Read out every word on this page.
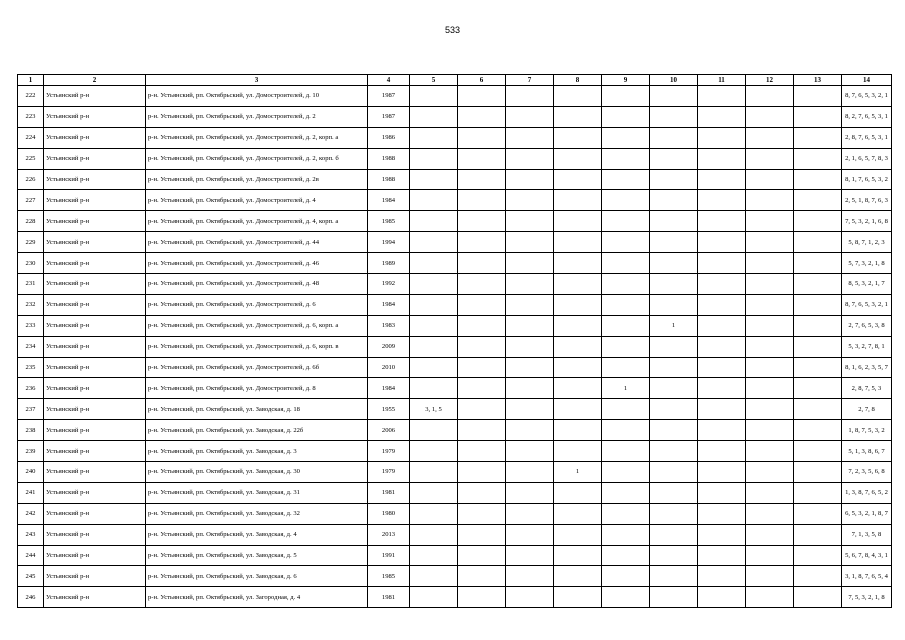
533
1	2	3	4	5	6	7	8	9	10	11	12	13	14
222	Устьянский р-н	р-н. Устьянский, рп. Октябрьский, ул. Домостроителей, д. 10	1987										8, 7, 6, 5, 3, 2, 1
223	Устьянский р-н	р-н. Устьянский, рп. Октябрьский, ул. Домостроителей, д. 2	1987										8, 2, 7, 6, 5, 3, 1
224	Устьянский р-н	р-н. Устьянский, рп. Октябрьский, ул. Домостроителей, д. 2, корп. а	1986										2, 8, 7, 6, 5, 3, 1
225	Устьянский р-н	р-н. Устьянский, рп. Октябрьский, ул. Домостроителей, д. 2, корп. б	1988										2, 1, 6, 5, 7, 8, 3
226	Устьянский р-н	р-н. Устьянский, рп. Октябрьский, ул. Домостроителей, д. 2в	1988										8, 1, 7, 6, 5, 3, 2
227	Устьянский р-н	р-н. Устьянский, рп. Октябрьский, ул. Домостроителей, д. 4	1984										2, 5, 1, 8, 7, 6, 3
228	Устьянский р-н	р-н. Устьянский, рп. Октябрьский, ул. Домостроителей, д. 4, корп. а	1985										7, 5, 3, 2, 1, 6, 8
229	Устьянский р-н	р-н. Устьянский, рп. Октябрьский, ул. Домостроителей, д. 44	1994										5, 8, 7, 1, 2, 3
230	Устьянский р-н	р-н. Устьянский, рп. Октябрьский, ул. Домостроителей, д. 46	1989										5, 7, 3, 2, 1, 8
231	Устьянский р-н	р-н. Устьянский, рп. Октябрьский, ул. Домостроителей, д. 48	1992										8, 5, 3, 2, 1, 7
232	Устьянский р-н	р-н. Устьянский, рп. Октябрьский, ул. Домостроителей, д. 6	1984										8, 7, 6, 5, 3, 2, 1
233	Устьянский р-н	р-н. Устьянский, рп. Октябрьский, ул. Домостроителей, д. 6, корп. а	1983						1				2, 7, 6, 5, 3, 8
234	Устьянский р-н	р-н. Устьянский, рп. Октябрьский, ул. Домостроителей, д. 6, корп. в	2009										5, 3, 2, 7, 8, 1
235	Устьянский р-н	р-н. Устьянский, рп. Октябрьский, ул. Домостроителей, д. 6б	2010										8, 1, 6, 2, 3, 5, 7
236	Устьянский р-н	р-н. Устьянский, рп. Октябрьский, ул. Домостроителей, д. 8	1984					1					2, 8, 7, 5, 3
237	Устьянский р-н	р-н. Устьянский, рп. Октябрьский, ул. Заводская, д. 18	1955	3, 1, 5									2, 7, 8
238	Устьянский р-н	р-н. Устьянский, рп. Октябрьский, ул. Заводская, д. 22б	2006										1, 8, 7, 5, 3, 2
239	Устьянский р-н	р-н. Устьянский, рп. Октябрьский, ул. Заводская, д. 3	1979										5, 1, 3, 8, 6, 7
240	Устьянский р-н	р-н. Устьянский, рп. Октябрьский, ул. Заводская, д. 30	1979				1						7, 2, 3, 5, 6, 8
241	Устьянский р-н	р-н. Устьянский, рп. Октябрьский, ул. Заводская, д. 31	1981										1, 3, 8, 7, 6, 5, 2
242	Устьянский р-н	р-н. Устьянский, рп. Октябрьский, ул. Заводская, д. 32	1980										6, 5, 3, 2, 1, 8, 7
243	Устьянский р-н	р-н. Устьянский, рп. Октябрьский, ул. Заводская, д. 4	2013										7, 1, 3, 5, 8
244	Устьянский р-н	р-н. Устьянский, рп. Октябрьский, ул. Заводская, д. 5	1991										5, 6, 7, 8, 4, 3, 1
245	Устьянский р-н	р-н. Устьянский, рп. Октябрьский, ул. Заводская, д. 6	1985										3, 1, 8, 7, 6, 5, 4
246	Устьянский р-н	р-н. Устьянский, рп. Октябрьский, ул. Загородная, д. 4	1981										7, 5, 3, 2, 1, 8
